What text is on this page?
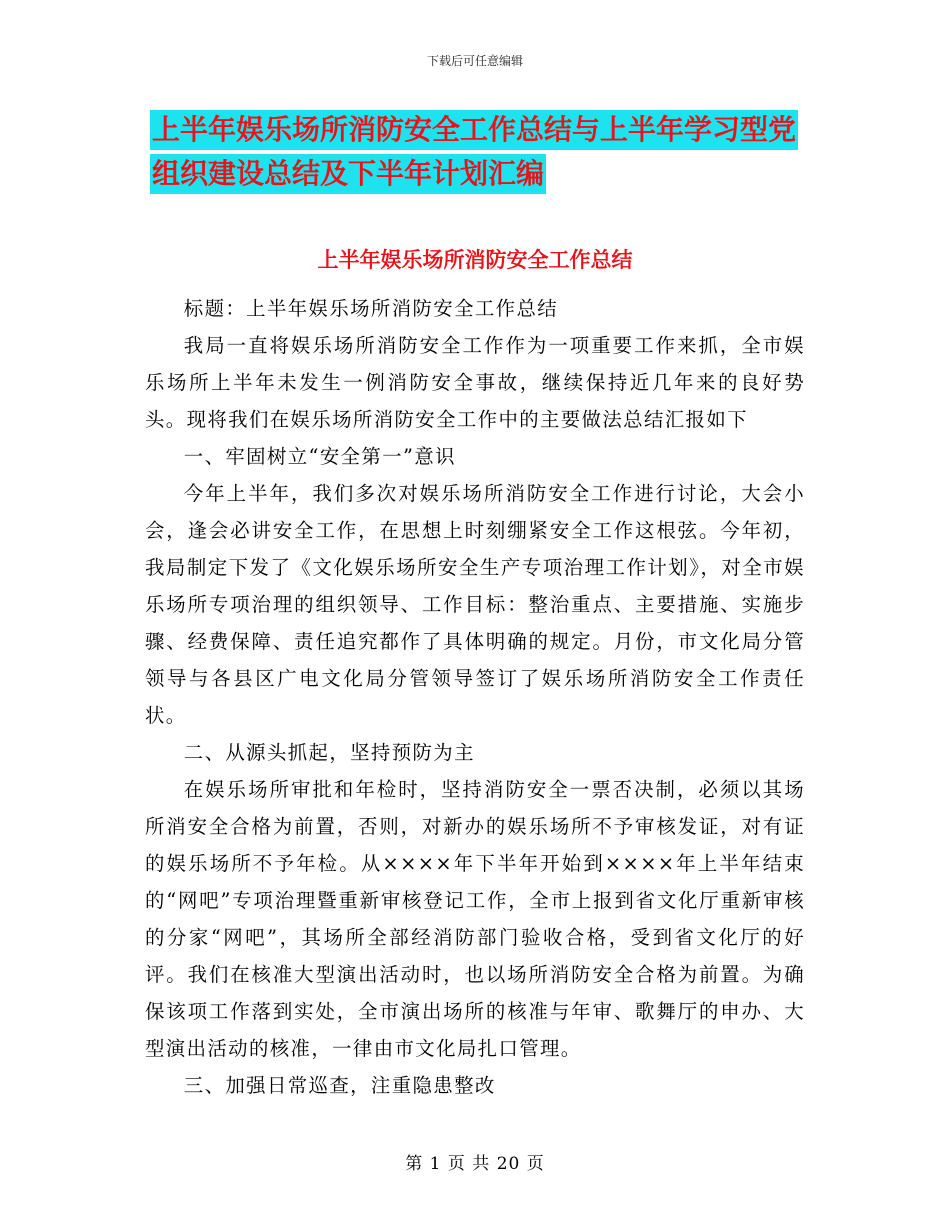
下载后可任意编辑
上半年娱乐场所消防安全工作总结与上半年学习型党
组织建设总结及下半年计划汇编
上半年娱乐场所消防安全工作总结

标题：上半年娱乐场所消防安全工作总结

我局一直将娱乐场所消防安全工作作为一项重要工作来抓，全市娱乐场所上半年未发生一例消防安全事故，继续保持近几年来的良好势头。现将我们在娱乐场所消防安全工作中的主要做法总结汇报如下

一、牢固树立“安全第一”意识

今年上半年，我们多次对娱乐场所消防安全工作进行讨论，大会小会，逢会必讲安全工作，在思想上时刻绷紧安全工作这根弦。今年初，我局制定下发了《文化娱乐场所安全生产专项治理工作计划》，对全市娱乐场所专项治理的组织领导、工作目标：整治重点、主要措施、实施步骤、经费保障、责任追究都作了具体明确的规定。月份，市文化局分管领导与各县区广电文化局分管领导签订了娱乐场所消防安全工作责任状。

二、从源头抓起，坚持预防为主

在娱乐场所审批和年检时，坚持消防安全一票否决制，必须以其场所消安全合格为前置，否则，对新办的娱乐场所不予审核发证，对有证的娱乐场所不予年检。从××××年下半年开始到××××年上半年结束的“网吧”专项治理暨重新审核登记工作，全市上报到省文化厅重新审核的分家“网吧”，其场所全部经消防部门验收合格，受到省文化厅的好评。我们在核准大型演出活动时，也以场所消防安全合格为前置。为确保该项工作落到实处，全市演出场所的核准与年审、歌舞厅的申办、大型演出活动的核准，一律由市文化局扎口管理。

三、加强日常巡查，注重隐患整改

第 1 页 共 20 页
